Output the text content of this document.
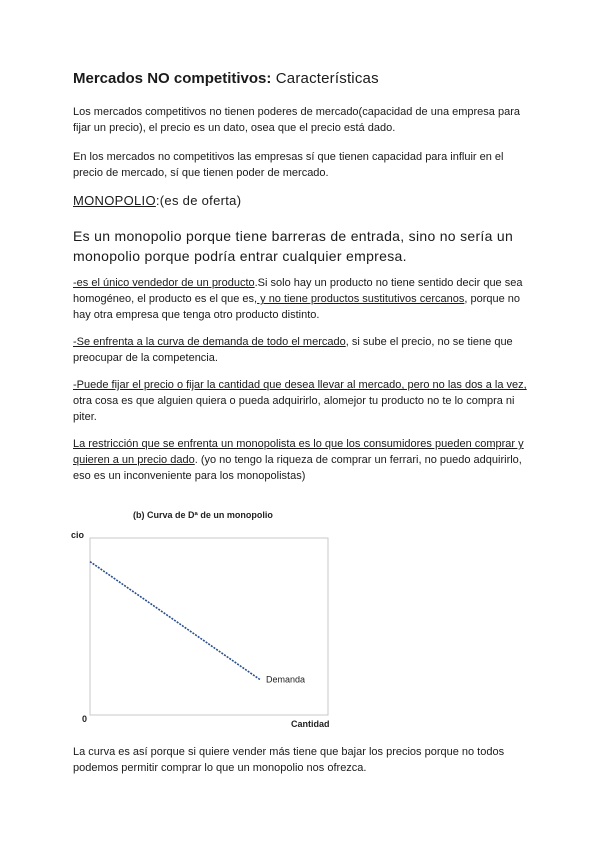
Mercados NO competitivos: Características

Los mercados competitivos no tienen poderes de mercado(capacidad de una empresa para fijar un precio), el precio es un dato, osea que el precio está dado.

En los mercados no competitivos las empresas sí que tienen capacidad para influir en el precio de mercado, sí que tienen poder de mercado.

MONOPOLIO:(es de oferta)

Es un monopolio porque tiene barreras de entrada, sino no sería un monopolio porque podría entrar cualquier empresa.

-es el único vendedor de un producto.Si solo hay un producto no tiene sentido decir que sea homogéneo, el producto es el que es, y no tiene productos sustitutivos cercanos, porque no hay otra empresa que tenga otro producto distinto.

-Se enfrenta a la curva de demanda de todo el mercado, si sube el precio, no se tiene que preocupar de la competencia.

-Puede fijar el precio o fijar la cantidad que desea llevar al mercado, pero no las dos a la vez, otra cosa es que alguien quiera o pueda adquirirlo, alomejor tu producto no te lo compra ni piter.

La restricción que se enfrenta un monopolista es lo que los consumidores pueden comprar y quieren a un precio dado. (yo no tengo la riqueza de comprar un ferrari, no puedo adquirirlo, eso es un inconveniente para los monopolistas)

La curva es así porque si quiere vender más tiene que bajar los precios porque no todos podemos permitir comprar lo que un monopolio nos ofrezca.

(b) Curva de Dª de un monopolio
cio
Cantidad
0
Demanda
